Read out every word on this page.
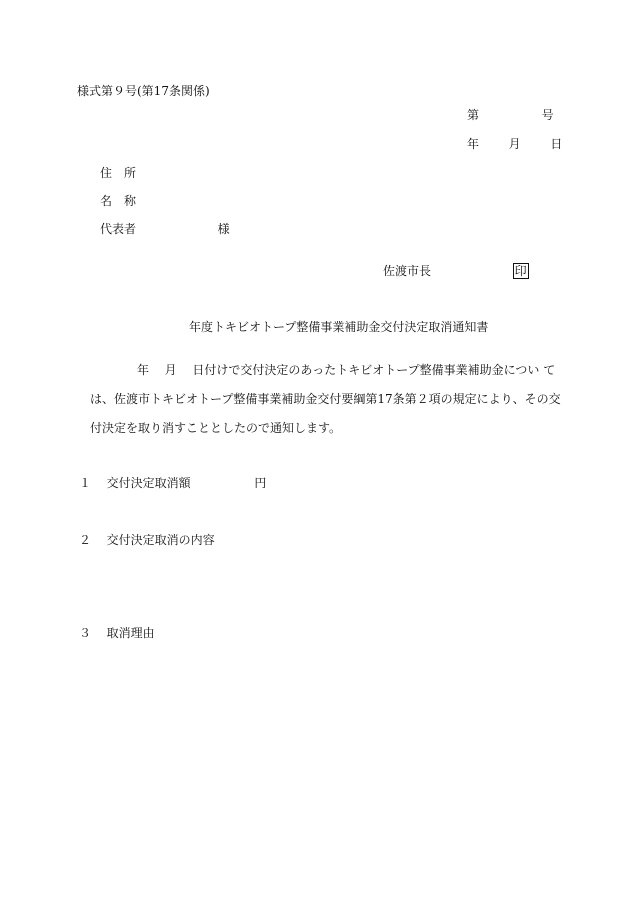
様式第９号(第17条関係)
第	号
年 月 日
住　所
名　称
代表者	様
佐渡市長	印
年度トキビオトープ整備事業補助金交付決定取消通知書
年 月 日付けで交付決定のあったトキビオトープ整備事業補助金につい て
は、佐渡市トキビオトープ整備事業補助金交付要綱第17条第２項の規定により、その交
付決定を取り消すこととしたので通知します。
１ 交付決定取消額	円
２ 交付決定取消の内容
３ 取消理由
